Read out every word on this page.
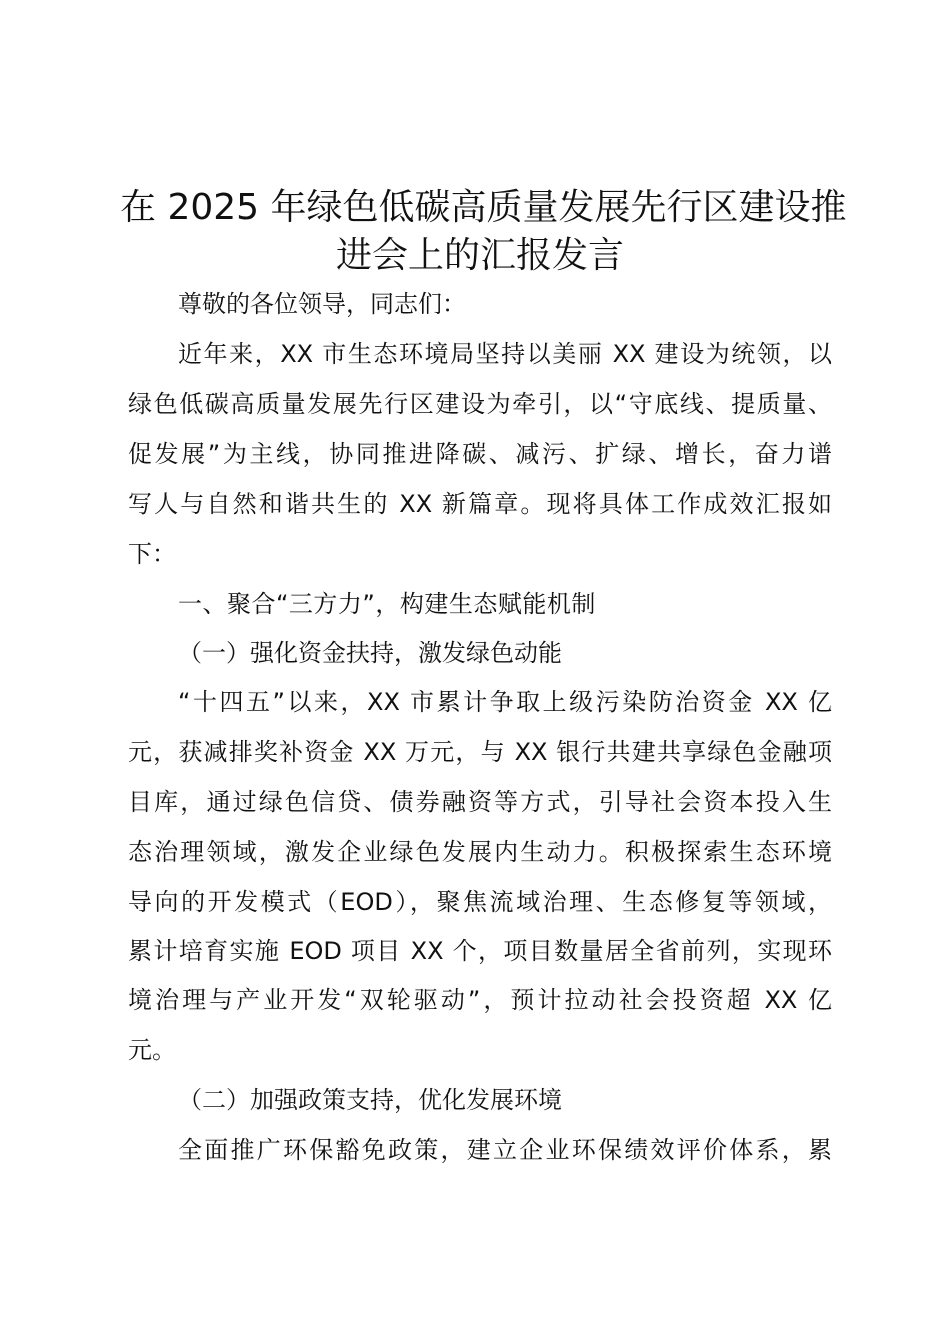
在 2025 年绿色低碳高质量发展先行区建设推
进会上的汇报发言
尊敬的各位领导，同志们：
近年来，XX 市生态环境局坚持以美丽 XX 建设为统领，以
绿色低碳高质量发展先行区建设为牵引，以“守底线、提质量、
促发展”为主线，协同推进降碳、减污、扩绿、增长，奋力谱
写人与自然和谐共生的 XX 新篇章。现将具体工作成效汇报如
下：
一、聚合“三方力”，构建生态赋能机制
（一）强化资金扶持，激发绿色动能
“十四五”以来，XX 市累计争取上级污染防治资金 XX 亿
元，获减排奖补资金 XX 万元，与 XX 银行共建共享绿色金融项
目库，通过绿色信贷、债券融资等方式，引导社会资本投入生
态治理领域，激发企业绿色发展内生动力。积极探索生态环境
导向的开发模式（EOD），聚焦流域治理、生态修复等领域，
累计培育实施 EOD 项目 XX 个，项目数量居全省前列，实现环
境治理与产业开发“双轮驱动”，预计拉动社会投资超 XX 亿
元。
（二）加强政策支持，优化发展环境
全面推广环保豁免政策，建立企业环保绩效评价体系，累
